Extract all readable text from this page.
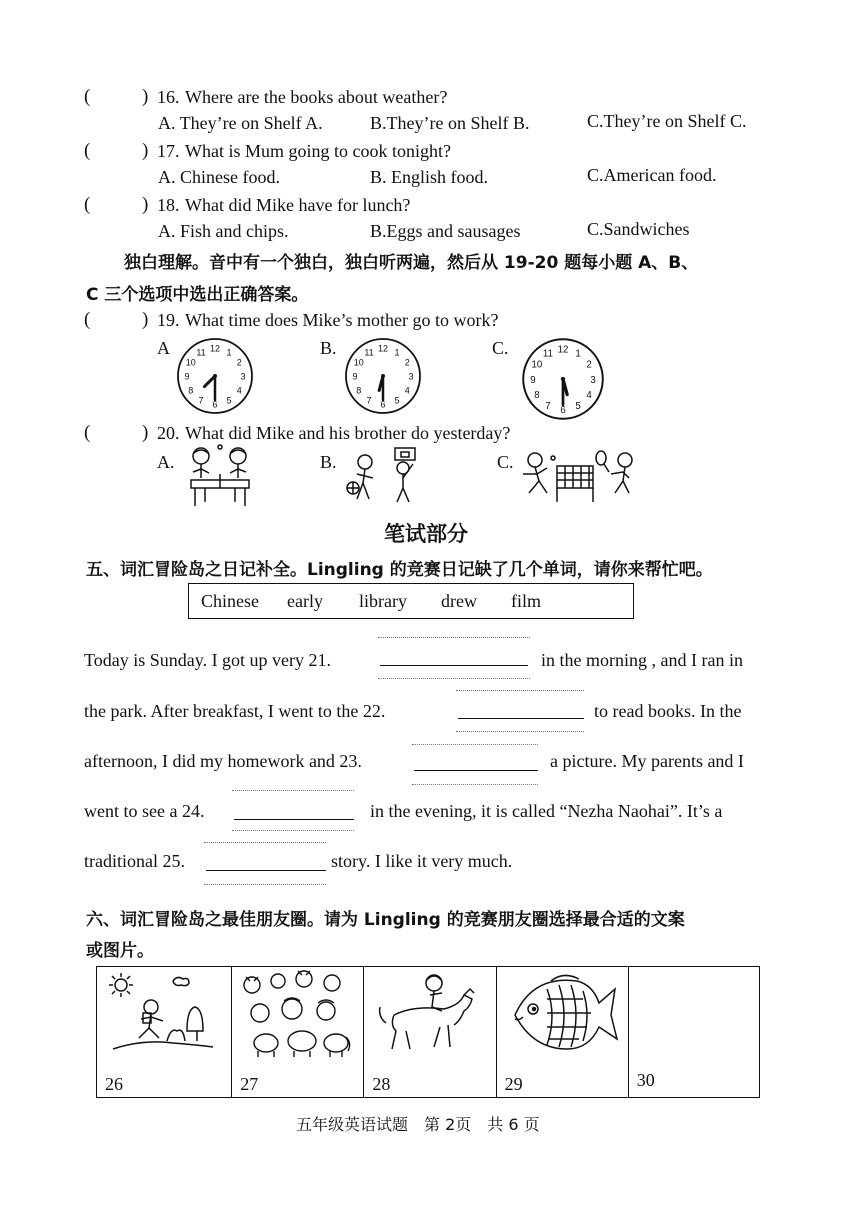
(	) 16. Where are the books about weather?
A. They’re on Shelf A.	B.They’re on Shelf B.	C.They’re on Shelf C.
(	) 17. What is Mum going to cook tonight?
A. Chinese food.	B. English food.	C.American food.
(	) 18. What did Mike have for lunch?
A. Fish and chips.	B.Eggs and sausages	C.Sandwiches
独白理解。音中有一个独白，独白听两遍，然后从 19-20 题每小题 A、B、
C 三个选项中选出正确答案。
(	) 19. What time does Mike’s mother go to work?
A	B.	C.
12 1
2
3
4
5
6
7
8
9
10
11	12 1
2
3
4
5
6
7
8
9
10
11	12 1
2
3
4
5
6
7
8
9
10
11
(	) 20. What did Mike and his brother do yesterday?
A.	B.	C.
笔试部分
五、词汇冒险岛之日记补全。Lingling 的竞赛日记缺了几个单词，请你来帮忙吧。
Chinese early library drew film
Today is Sunday. I got up very 21.	in the morning , and I ran in
the park. After breakfast, I went to the 22.	to read books. In the
afternoon, I did my homework and 23.	a picture. My parents and I
went to see a 24.	in the evening, it is called “Nezha Naohai”. It’s a
traditional 25.	story. I like it very much.
六、词汇冒险岛之最佳朋友圈。请为 Lingling 的竞赛朋友圈选择最合适的文案
或图片。
26	27	28	29	30
五年级英语试题　第 2页　共 6 页
